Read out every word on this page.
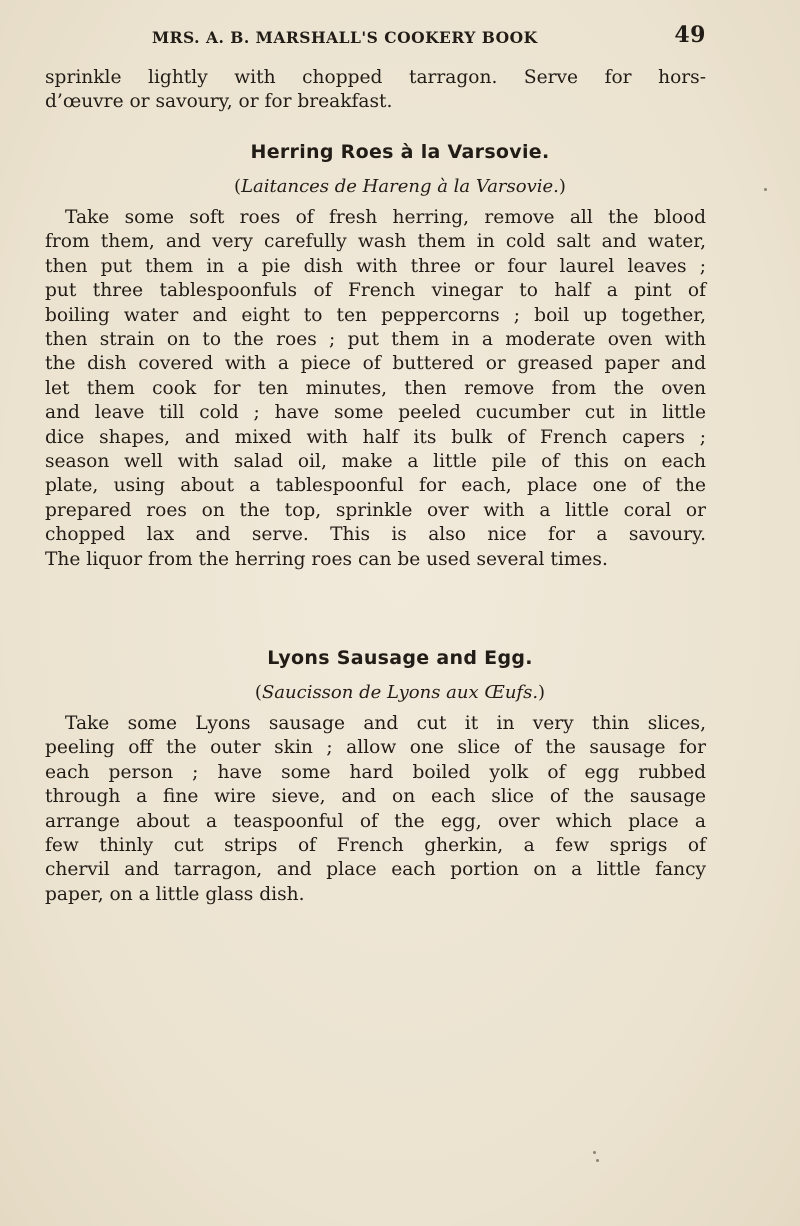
MRS. A. B. MARSHALL'S COOKERY BOOK	49

sprinkle lightly with chopped tarragon. Serve for hors-
d’œuvre or savoury, or for breakfast.

Herring Roes à la Varsovie.

(Laitances de Hareng à la Varsovie.)

Take some soft roes of fresh herring, remove all the blood
from them, and very carefully wash them in cold salt and water,
then put them in a pie dish with three or four laurel leaves ;
put three tablespoonfuls of French vinegar to half a pint of
boiling water and eight to ten peppercorns ; boil up together,
then strain on to the roes ; put them in a moderate oven with
the dish covered with a piece of buttered or greased paper and
let them cook for ten minutes, then remove from the oven
and leave till cold ; have some peeled cucumber cut in little
dice shapes, and mixed with half its bulk of French capers ;
season well with salad oil, make a little pile of this on each
plate, using about a tablespoonful for each, place one of the
prepared roes on the top, sprinkle over with a little coral or
chopped lax and serve. This is also nice for a savoury.
The liquor from the herring roes can be used several times.

Lyons Sausage and Egg.

(Saucisson de Lyons aux Œufs.)

Take some Lyons sausage and cut it in very thin slices,
peeling off the outer skin ; allow one slice of the sausage for
each person ; have some hard boiled yolk of egg rubbed
through a fine wire sieve, and on each slice of the sausage
arrange about a teaspoonful of the egg, over which place a
few thinly cut strips of French gherkin, a few sprigs of
chervil and tarragon, and place each portion on a little fancy
paper, on a little glass dish.
